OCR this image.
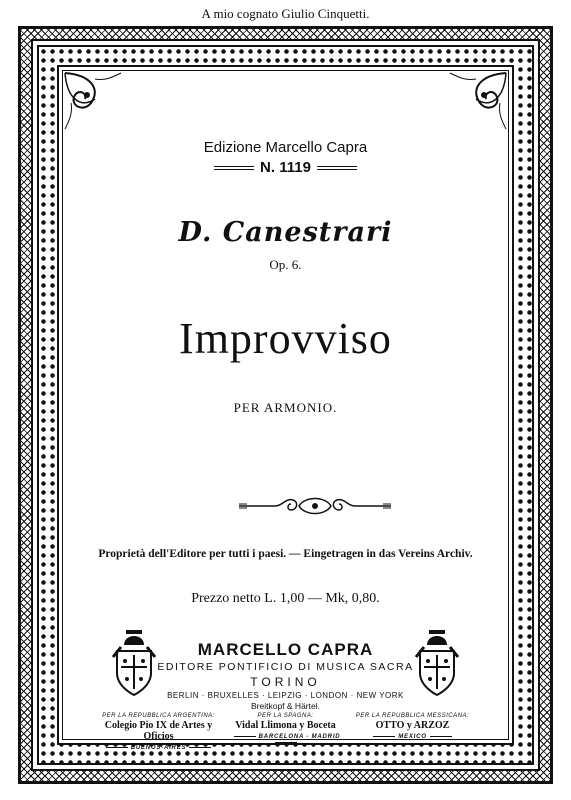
A mio cognato Giulio Cinquetti.
Edizione Marcello Capra
N. 1119
D. Canestrari
Op. 6.
Improvviso
PER ARMONIO.
Proprietà dell'Editore per tutti i paesi. — Eingetragen in das Vereins Archiv.
Prezzo netto L. 1,00 — Mk, 0,80.
MARCELLO CAPRA
EDITORE PONTIFICIO DI MUSICA SACRA
TORINO
BERLIN · BRUXELLES · LEIPZIG · LONDON · NEW YORK
Breitkopf & Härtel.
PER LA REPUBBLICA ARGENTINA:
Colegio Pio IX de Artes y Oficios
BUENOS-AIRES
PER LA SPAGNA:
Vidal Llimona y Boceta
BARCELONA - MADRID
PER LA REPUBBLICA MESSICANA:
OTTO y ARZOZ
MEXICO
